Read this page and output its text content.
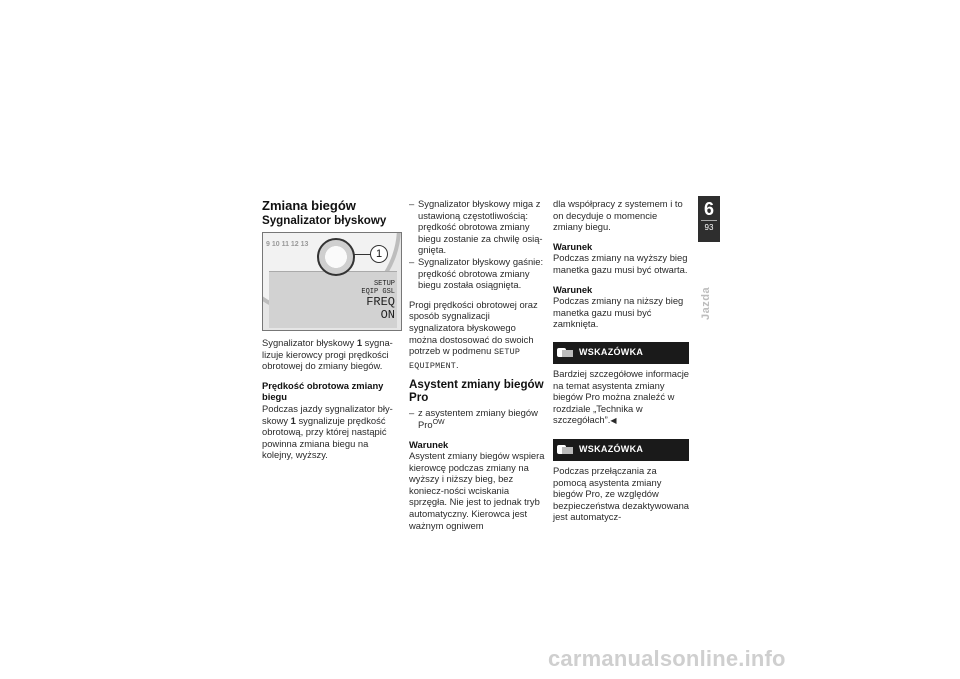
Zmiana biegów
Sygnalizator błyskowy
9 10 11 12 13
SETUP
EQIP GSL
FREQ
ON
1

Sygnalizator błyskowy 1 sygna-lizuje kierowcy progi prędkości obrotowej do zmiany biegów.

Prędkość obrotowa zmiany biegu

Podczas jazdy sygnalizator bły-skowy 1 sygnalizuje prędkość obrotową, przy której nastąpić powinna zmiana biegu na kolejny, wyższy.

– Sygnalizator błyskowy miga z ustawioną częstotliwością: prędkość obrotowa zmiany biegu zostanie za chwilę osią-gnięta.
– Sygnalizator błyskowy gaśnie: prędkość obrotowa zmiany biegu została osiągnięta.

Progi prędkości obrotowej oraz sposób sygnalizacji sygnalizatora błyskowego można dostosować do swoich potrzeb w podmenu SETUP EQUIPMENT.

Asystent zmiany biegów Pro
– z asystentem zmiany biegów Pro$^{OW}$
Warunek

Asystent zmiany biegów wspiera kierowcę podczas zmiany na wyższy i niższy bieg, bez koniecz-ności wciskania sprzęgła. Nie jest to jednak tryb automatyczny. Kierowca jest ważnym ogniwem

dla współpracy z systemem i to on decyduje o momencie zmiany biegu.

Warunek

Podczas zmiany na wyższy bieg manetka gazu musi być otwarta.

Warunek

Podczas zmiany na niższy bieg manetka gazu musi być zamknięta.

WSKAZÓWKA

Bardziej szczegółowe informacje na temat asystenta zmiany biegów Pro można znaleźć w rozdziale „Technika w szczegółach”.◀

WSKAZÓWKA

Podczas przełączania za pomocą asystenta zmiany biegów Pro, ze względów bezpieczeństwa dezaktywowana jest automatycz-

6
93
Jazda
carmanualsonline.info
